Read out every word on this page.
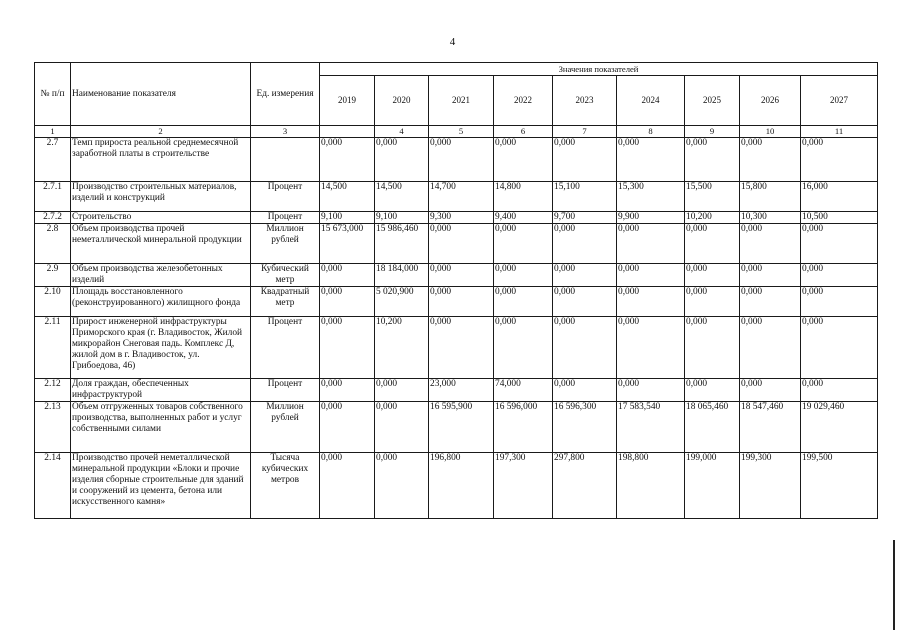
4
№ п/п	Наименование показателя	Ед. измерения	Значения показателей								
			2019	2020	2021	2022	2023	2024	2025	2026	2027
1	2	3		4	5	6	7	8	9	10	11
2.7	Темп прироста реальной среднемесячной заработной платы в строительстве		0,000	0,000	0,000	0,000	0,000	0,000	0,000	0,000	0,000
2.7.1	Производство строительных материалов, изделий и конструкций	Процент	14,500	14,500	14,700	14,800	15,100	15,300	15,500	15,800	16,000
2.7.2	Строительство	Процент	9,100	9,100	9,300	9,400	9,700	9,900	10,200	10,300	10,500
2.8	Объем производства прочей неметаллической минеральной продукции	Миллион рублей	15 673,000	15 986,460	0,000	0,000	0,000	0,000	0,000	0,000	0,000
2.9	Объем производства железобетонных изделий	Кубический метр	0,000	18 184,000	0,000	0,000	0,000	0,000	0,000	0,000	0,000
2.10	Площадь восстановленного (реконструированного) жилищного фонда	Квадратный метр	0,000	5 020,900	0,000	0,000	0,000	0,000	0,000	0,000	0,000
2.11	Прирост инженерной инфраструктуры Приморского края (г. Владивосток, Жилой микрорайон Снеговая падь. Комплекс Д, жилой дом в г. Владивосток, ул. Грибоедова, 46)	Процент	0,000	10,200	0,000	0,000	0,000	0,000	0,000	0,000	0,000
2.12	Доля граждан, обеспеченных инфраструктурой	Процент	0,000	0,000	23,000	74,000	0,000	0,000	0,000	0,000	0,000
2.13	Объем отгруженных товаров собственного производства, выполненных работ и услуг собственными силами	Миллион рублей	0,000	0,000	16 595,900	16 596,000	16 596,300	17 583,540	18 065,460	18 547,460	19 029,460
2.14	Производство прочей неметаллической минеральной продукции «Блоки и прочие изделия сборные строительные для зданий и сооружений из цемента, бетона или искусственного камня»	Тысяча кубических метров	0,000	0,000	196,800	197,300	297,800	198,800	199,000	199,300	199,500
